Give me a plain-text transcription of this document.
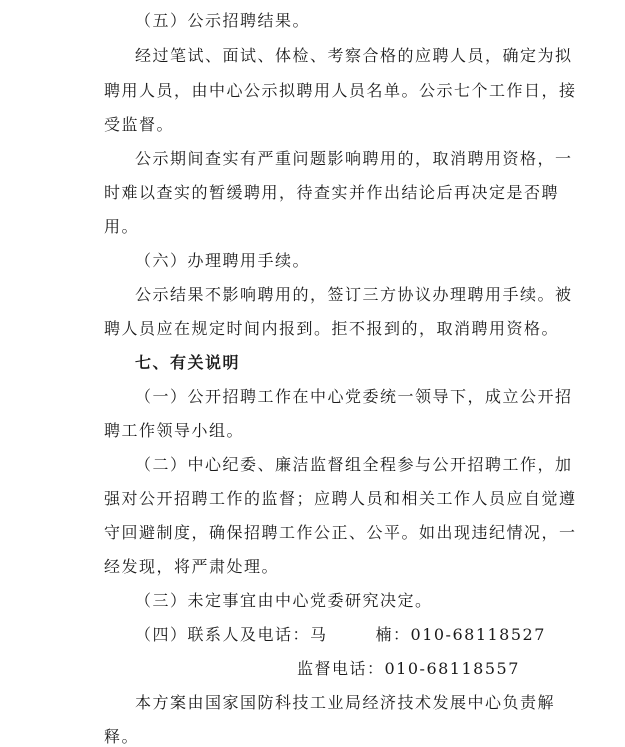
（五）公示招聘结果。
经过笔试、面试、体检、考察合格的应聘人员，确定为拟
聘用人员，由中心公示拟聘用人员名单。公示七个工作日，接
受监督。
公示期间查实有严重问题影响聘用的，取消聘用资格，一
时难以查实的暂缓聘用，待查实并作出结论后再决定是否聘
用。
（六）办理聘用手续。
公示结果不影响聘用的，签订三方协议办理聘用手续。被
聘人员应在规定时间内报到。拒不报到的，取消聘用资格。
七、有关说明
（一）公开招聘工作在中心党委统一领导下，成立公开招
聘工作领导小组。
（二）中心纪委、廉洁监督组全程参与公开招聘工作，加
强对公开招聘工作的监督；应聘人员和相关工作人员应自觉遵
守回避制度，确保招聘工作公正、公平。如出现违纪情况，一
经发现，将严肃处理。
（三）未定事宜由中心党委研究决定。
（四）联系人及电话：马	楠：010-68118527
监督电话：010-68118557
本方案由国家国防科技工业局经济技术发展中心负责解
释。
